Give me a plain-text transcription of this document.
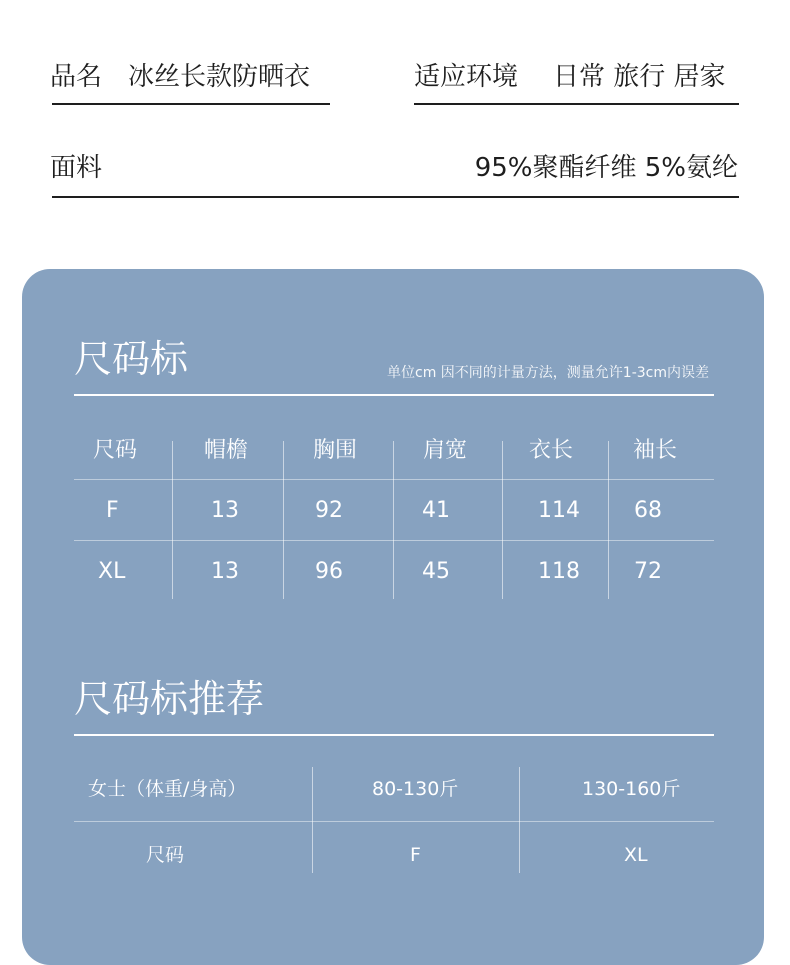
品名 冰丝长款防晒衣	适应环境 日常 旅行 居家
面料	95%聚酯纤维 5%氨纶
尺码标	单位cm 因不同的计量方法，测量允许1-3cm内误差
尺码	帽檐	胸围	肩宽	衣长	袖长
F	13	92	41	114 68
XL	13	96	45	118 72
尺码标推荐
女士（体重/身高）	80-130斤	130-160斤
尺码	F	XL
